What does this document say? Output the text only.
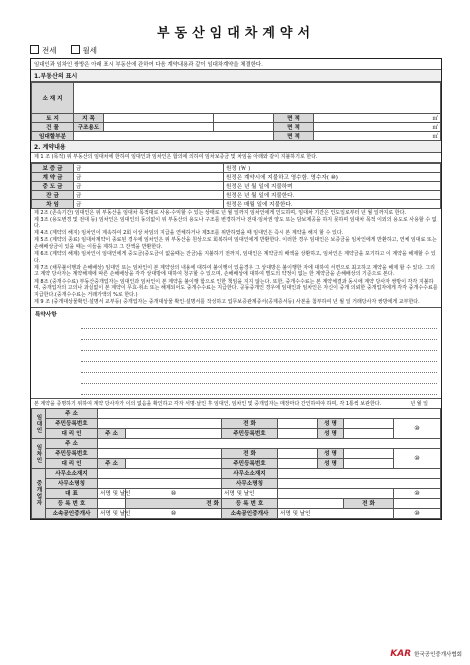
부동산임대차계약서
전세	월세
임대인과 임차인 쌍방은 아래 표시 부동산에 관하여 다음 계약내용과 같이 임대차계약을 체결한다.
1.부동산의 표시
소 재 지					
토 지	지 목			면 적	㎡
건 물	구조용도			면 적	㎡
임대할부분				면 적	㎡
2. 계약내용
제 1 조 (목적) 위 부동산의 임대차에 한하여 임대인과 임차인은 합의에 의하여 임차보증금 및 차임을 아래와 같이 지불하기로 한다.
보 증 금	금	원정 (￦ )
계 약 금	금	원정은 계약시에 지불하고 영수함. 영수자( ⑩)
중 도 금	금	원정은 년 월 일에 지불하며
잔 금	금	원정은 년 월 일에 지불한다.
차 임	금	원정은 매월 일에 지불한다.

제 2조 (존속기간) 임대인은 위 부동산을 임대차 목적대로 사용·수익할 수 있는 상태로 년 월 일까지 임차인에게 인도하며, 임대차 기간은 인도일로부터 년 월 일까지로 한다.

제 3조 (용도변경 및 전대 등) 임차인은 임대인의 동의없이 위 부동산의 용도나 구조를 변경하거나 전대·임차권 양도 또는 담보제공을 하지 못하며 임대차 목적 이외의 용도로 사용할 수 없다.

제 4조 (계약의 해지) 임차인이 계속하여 2회 이상 차임의 지급을 연체하거나 제3조를 위반하였을 때 임대인은 즉시 본 계약을 해지 할 수 있다.

제 5조 (계약의 종료) 임대차계약이 종료된 경우에 임차인은 위 부동산을 원상으로 회복하여 임대인에게 반환한다. 이러한 경우 임대인은 보증금을 임차인에게 반환하고, 연체 임대료 또는 손해배상금이 있을 때는 이들을 제하고 그 잔액을 반환한다.

제 6조 (계약의 해제) 임차인이 임대인에게 중도금(중도금이 없을때는 잔금)을 지불하기 전까지, 임대인은 계약금의 배액을 상환하고, 임차인은 계약금을 포기하고 이 계약을 해제할 수 있다.

제 7조 (채무불이행과 손해배상) 임대인 또는 임차인이 본 계약상의 내용에 대하여 불이행이 있을경우 그 상대방은 불이행한 자에 대하여 서면으로 최고하고 계약을 해제 할 수 있다. 그리고 계약 당사자는 계약해제에 따른 손해배상을 각각 상대방에 대하여 청구할 수 있으며, 손해배상에 대하여 별도의 약정이 없는 한 계약금을 손해배상의 기준으로 본다.

제 8조 (중개수수료) 부동산중개업자는 임대인과 임차인이 본 계약을 불이행 함으로 인한 책임을 지지 않는다. 또한, 중개수수료는 본 계약체결과 동시에 계약 당사자 쌍방이 각각 지불하며, 중개업자의 고의나 과실없이 본 계약이 무효·취소 또는 해제되어도 중개수수료는 지급한다. 공동중개인 경우에 임대인과 임차인은 자신이 중개 의뢰한 중개업자에게 각각 중개수수료를 지급한다.(중개수수료는 거래가액의 %로 한다.)

제 9 조 (중개대상물확인·설명서 교부등) 중개업자는 중개대상물 확인·설명서를 작성하고 업무보증관계증서(공제증서등) 사본을 첨부하여 년 월 일 거래당사자 쌍방에게 교부한다.

특약사항
본 계약을 증명하기 위하여 계약 당사자가 이의 없음을 확인하고 각자 서명·날인 후 임대인, 임차인 및 중개업자는 매장마다 간인하여야 하며, 각 1통씩 보관한다.	년 월 일
임대인	주 소							
	주민등록번호			전 화		성 명		⑩
	대 리 인	주 소		주민등록번호		성 명		
임차인	주 소							
	주민등록번호			전 화		성 명		⑩
	대 리 인	주 소		주민등록번호		성 명		
중개업자	사무소소재지			사무소소재지				
	사무소명칭			사무소명칭				
	대 표	서명 및 날인	⑩	서명 및 날인				⑩
	등 록 번 호		전 화	등 록 번 호			전 화	
	소속공인중개사	서명 및 날인	⑩	소속공인중개사	서명 및 날인			⑩
KAR 한국공인중개사협회
